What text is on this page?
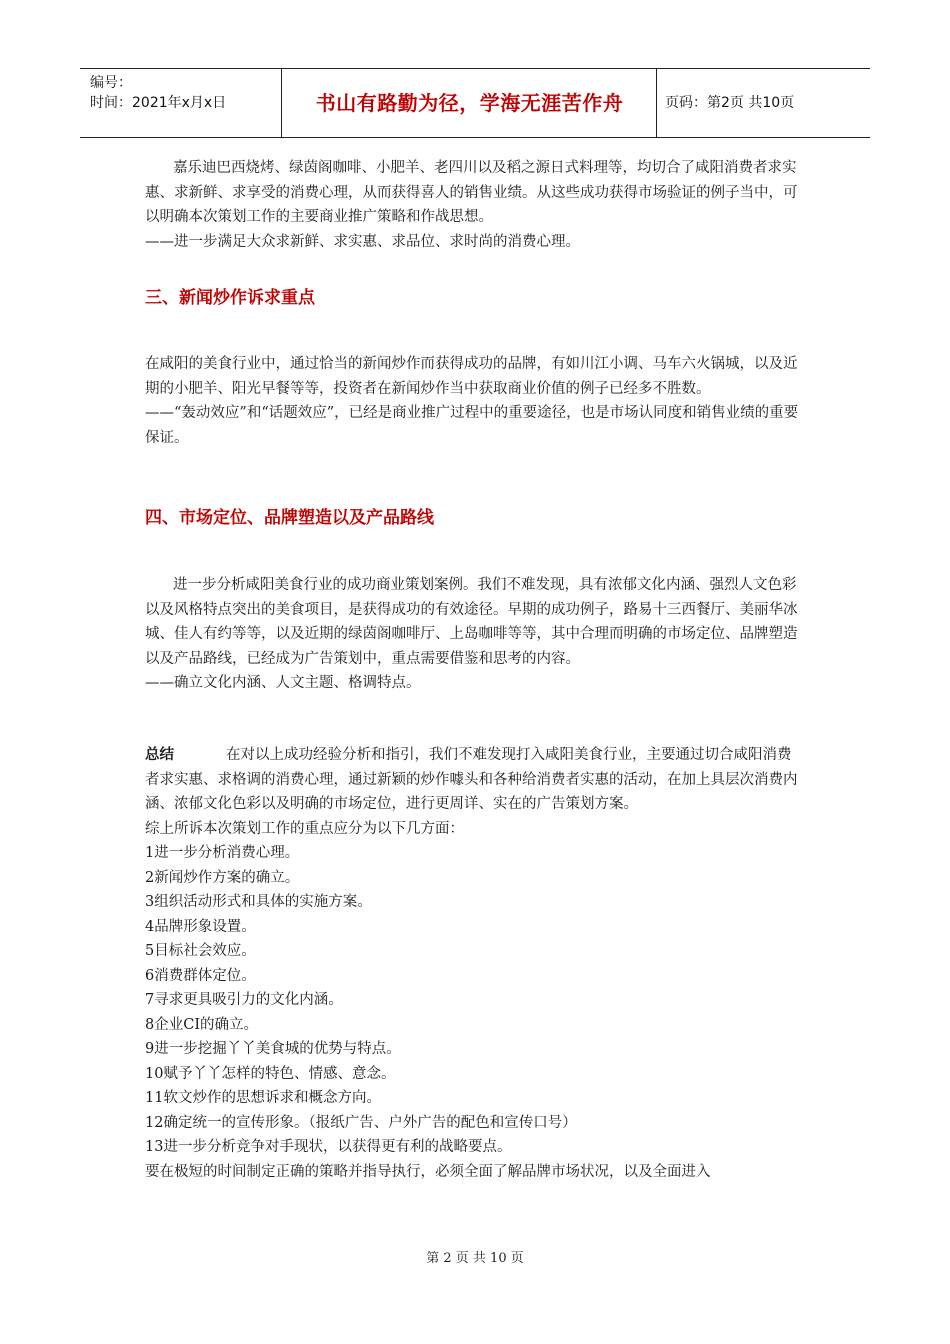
编号：
时间：2021年x月x日	书山有路勤为径，学海无涯苦作舟	页码：第2页 共10页

嘉乐迪巴西烧烤、绿茵阁咖啡、小肥羊、老四川以及稻之源日式料理等，均切合了咸阳消费者求实惠、求新鲜、求享受的消费心理，从而获得喜人的销售业绩。从这些成功获得市场验证的例子当中，可以明确本次策划工作的主要商业推广策略和作战思想。

——进一步满足大众求新鲜、求实惠、求品位、求时尚的消费心理。

三、新闻炒作诉求重点

在咸阳的美食行业中，通过恰当的新闻炒作而获得成功的品牌，有如川江小调、马车六火锅城，以及近期的小肥羊、阳光早餐等等，投资者在新闻炒作当中获取商业价值的例子已经多不胜数。

——“轰动效应”和“话题效应”，已经是商业推广过程中的重要途径，也是市场认同度和销售业绩的重要保证。

四、市场定位、品牌塑造以及产品路线

进一步分析咸阳美食行业的成功商业策划案例。我们不难发现，具有浓郁文化内涵、强烈人文色彩以及风格特点突出的美食项目，是获得成功的有效途径。早期的成功例子，路易十三西餐厅、美丽华冰城、佳人有约等等，以及近期的绿茵阁咖啡厅、上岛咖啡等等，其中合理而明确的市场定位、品牌塑造以及产品路线，已经成为广告策划中，重点需要借鉴和思考的内容。

——确立文化内涵、人文主题、格调特点。

总结	在对以上成功经验分析和指引，我们不难发现打入咸阳美食行业，主要通过切合咸阳消费者求实惠、求格调的消费心理，通过新颖的炒作噱头和各种给消费者实惠的活动，在加上具层次消费内涵、浓郁文化色彩以及明确的市场定位，进行更周详、实在的广告策划方案。

综上所诉本次策划工作的重点应分为以下几方面：

1进一步分析消费心理。

2新闻炒作方案的确立。

3组织活动形式和具体的实施方案。

4品牌形象设置。

5目标社会效应。

6消费群体定位。

7寻求更具吸引力的文化内涵。

8企业CI的确立。

9进一步挖掘丫丫美食城的优势与特点。

10赋予丫丫怎样的特色、情感、意念。

11软文炒作的思想诉求和概念方向。

12确定统一的宣传形象。（报纸广告、户外广告的配色和宣传口号）

13进一步分析竞争对手现状，以获得更有利的战略要点。

要在极短的时间制定正确的策略并指导执行，必须全面了解品牌市场状况，以及全面进入

第 2 页 共 10 页
